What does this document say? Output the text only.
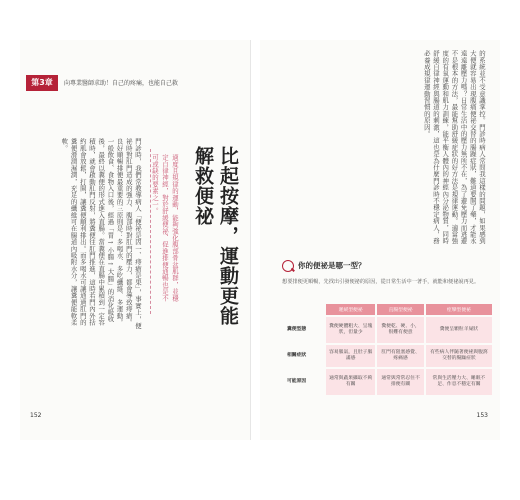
第3章	向專業醫師求助！自己的疼痛，也能自己救
門診時，我們常教導病人「便祕是因一、痔瘡是果」，事實上，便祕時對肛門造成的強力、腹部時對肛門的壓力，都會導致痔瘡。良好順暢排便最重要的三原則是：多喝水、多吃纖維、多運動。一般飲食、食物入口後，經過「胃→小腸→大腸」的消化吸收後，最終以糞便的形式進入直腸。當糞便在直腸中累積到一定容積時，就會啟動肛門反射，將糞便往肛門推進，這時若門內外括約肌會放鬆，打開，讓糞便順利排出。而多喝水可讓通過肛門的糞便滑潤濕潤，充足的纖維可在腸道內吸附水分，讓糞便能軟柔軟。
適度且規律的運動，能夠強化腹部骨盆肌群，並穩定自律神經，對於舒緩便祕、促進排便通暢也是不可或缺的要素之一。	比起按摩，運動更能解救便祕
152
的系統並不受意識掌控。門診時病人常問我這樣的問題，如果感到大便就容易出現腹痛便祕交替的腸躁症狀，難道要開了藥，才能永遠遠離壓力嗎？日常生活中的壓力無所不在，為了避免壓力而逃避不是根本的方法，最能幫助舒緩症狀的好方法是規律運動。適當強度的有氧運動和肌力訓練，能平衡人體內的神經內分泌物質，同時舒緩自律神經與腸道的刺激，這也是為什麼門診時不穩定病人，務必養成規律運動習慣的原因。
你的便祕是哪一型？
想要排便更順暢，先找出引發便祕的原因，從日常生活中一著手，就能和便祕說再見。
	遲緩型便祕	直腸型便祕	痙攣型便祕
糞便型態	糞便硬體粗大、呈塊狀，但量少	糞便乾、硬、小，很難有便意	糞便呈顆粒羊屎狀
相關症狀	容易脹氣，且肚子脹滿感	肛門有阻塞感覺、疼痛感	有些病人伴隨著便祕與腹瀉交替的腸躁症狀
可能原因	通常與蔬果攝取不夠有關	通常與常常忍住不排便有關	常與生活壓力大、睡眠不足、作息不穩定有關
153
